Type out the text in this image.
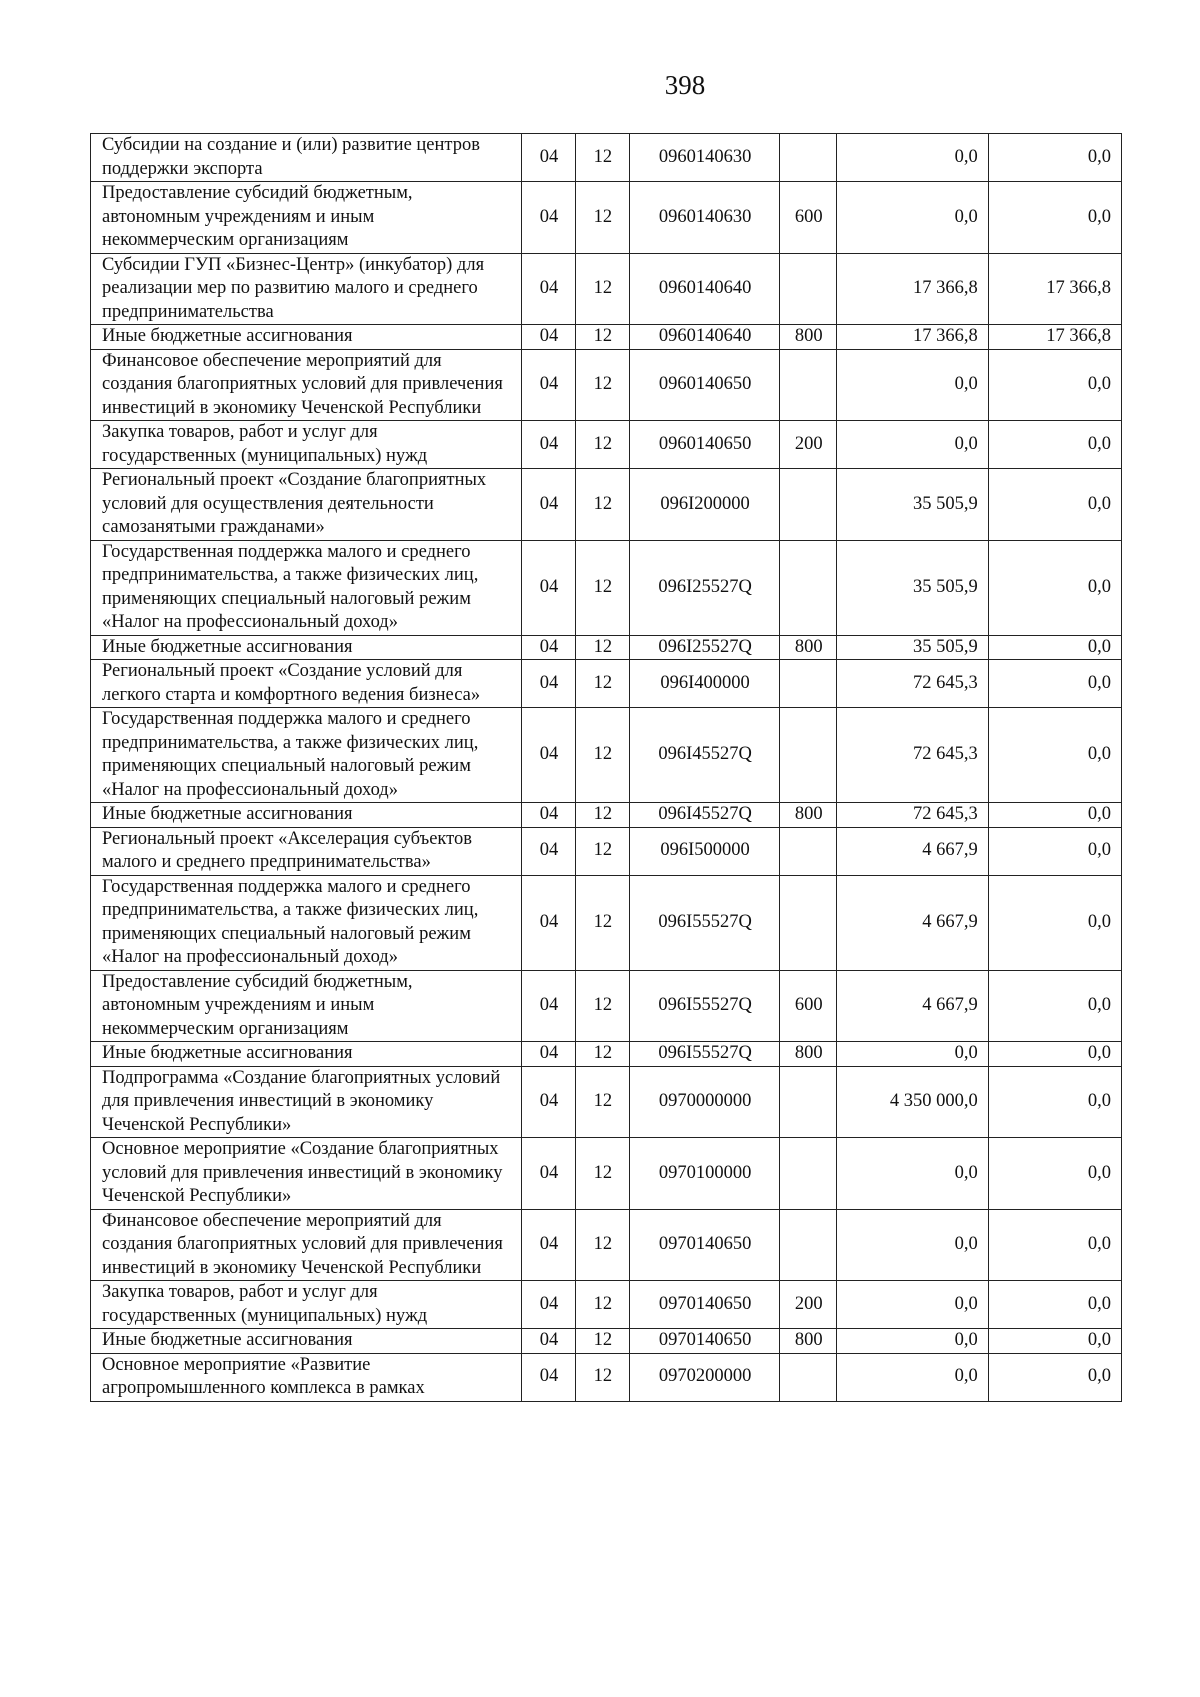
398
Субсидии на создание и (или) развитие центров поддержки экспорта	04	12	0960140630		0,0	0,0
Предоставление субсидий бюджетным, автономным учреждениям и иным некоммерческим организациям	04	12	0960140630	600	0,0	0,0
Субсидии ГУП «Бизнес-Центр» (инкубатор) для реализации мер по развитию малого и среднего предпринимательства	04	12	0960140640		17 366,8	17 366,8
Иные бюджетные ассигнования	04	12	0960140640	800	17 366,8	17 366,8
Финансовое обеспечение мероприятий для создания благоприятных условий для привлечения инвестиций в экономику Чеченской Республики	04	12	0960140650		0,0	0,0
Закупка товаров, работ и услуг для государственных (муниципальных) нужд	04	12	0960140650	200	0,0	0,0
Региональный проект «Создание благоприятных условий для осуществления деятельности самозанятыми гражданами»	04	12	096I200000		35 505,9	0,0
Государственная поддержка малого и среднего предпринимательства, а также физических лиц, применяющих специальный налоговый режим «Налог на профессиональный доход»	04	12	096I25527Q		35 505,9	0,0
Иные бюджетные ассигнования	04	12	096I25527Q	800	35 505,9	0,0
Региональный проект «Создание условий для легкого старта и комфортного ведения бизнеса»	04	12	096I400000		72 645,3	0,0
Государственная поддержка малого и среднего предпринимательства, а также физических лиц, применяющих специальный налоговый режим «Налог на профессиональный доход»	04	12	096I45527Q		72 645,3	0,0
Иные бюджетные ассигнования	04	12	096I45527Q	800	72 645,3	0,0
Региональный проект «Акселерация субъектов малого и среднего предпринимательства»	04	12	096I500000		4 667,9	0,0
Государственная поддержка малого и среднего предпринимательства, а также физических лиц, применяющих специальный налоговый режим «Налог на профессиональный доход»	04	12	096I55527Q		4 667,9	0,0
Предоставление субсидий бюджетным, автономным учреждениям и иным некоммерческим организациям	04	12	096I55527Q	600	4 667,9	0,0
Иные бюджетные ассигнования	04	12	096I55527Q	800	0,0	0,0
Подпрограмма «Создание благоприятных условий для привлечения инвестиций в экономику Чеченской Республики»	04	12	0970000000		4 350 000,0	0,0
Основное мероприятие «Создание благоприятных условий для привлечения инвестиций в экономику Чеченской Республики»	04	12	0970100000		0,0	0,0
Финансовое обеспечение мероприятий для создания благоприятных условий для привлечения инвестиций в экономику Чеченской Республики	04	12	0970140650		0,0	0,0
Закупка товаров, работ и услуг для государственных (муниципальных) нужд	04	12	0970140650	200	0,0	0,0
Иные бюджетные ассигнования	04	12	0970140650	800	0,0	0,0
Основное мероприятие «Развитие агропромышленного комплекса в рамках	04	12	0970200000		0,0	0,0
